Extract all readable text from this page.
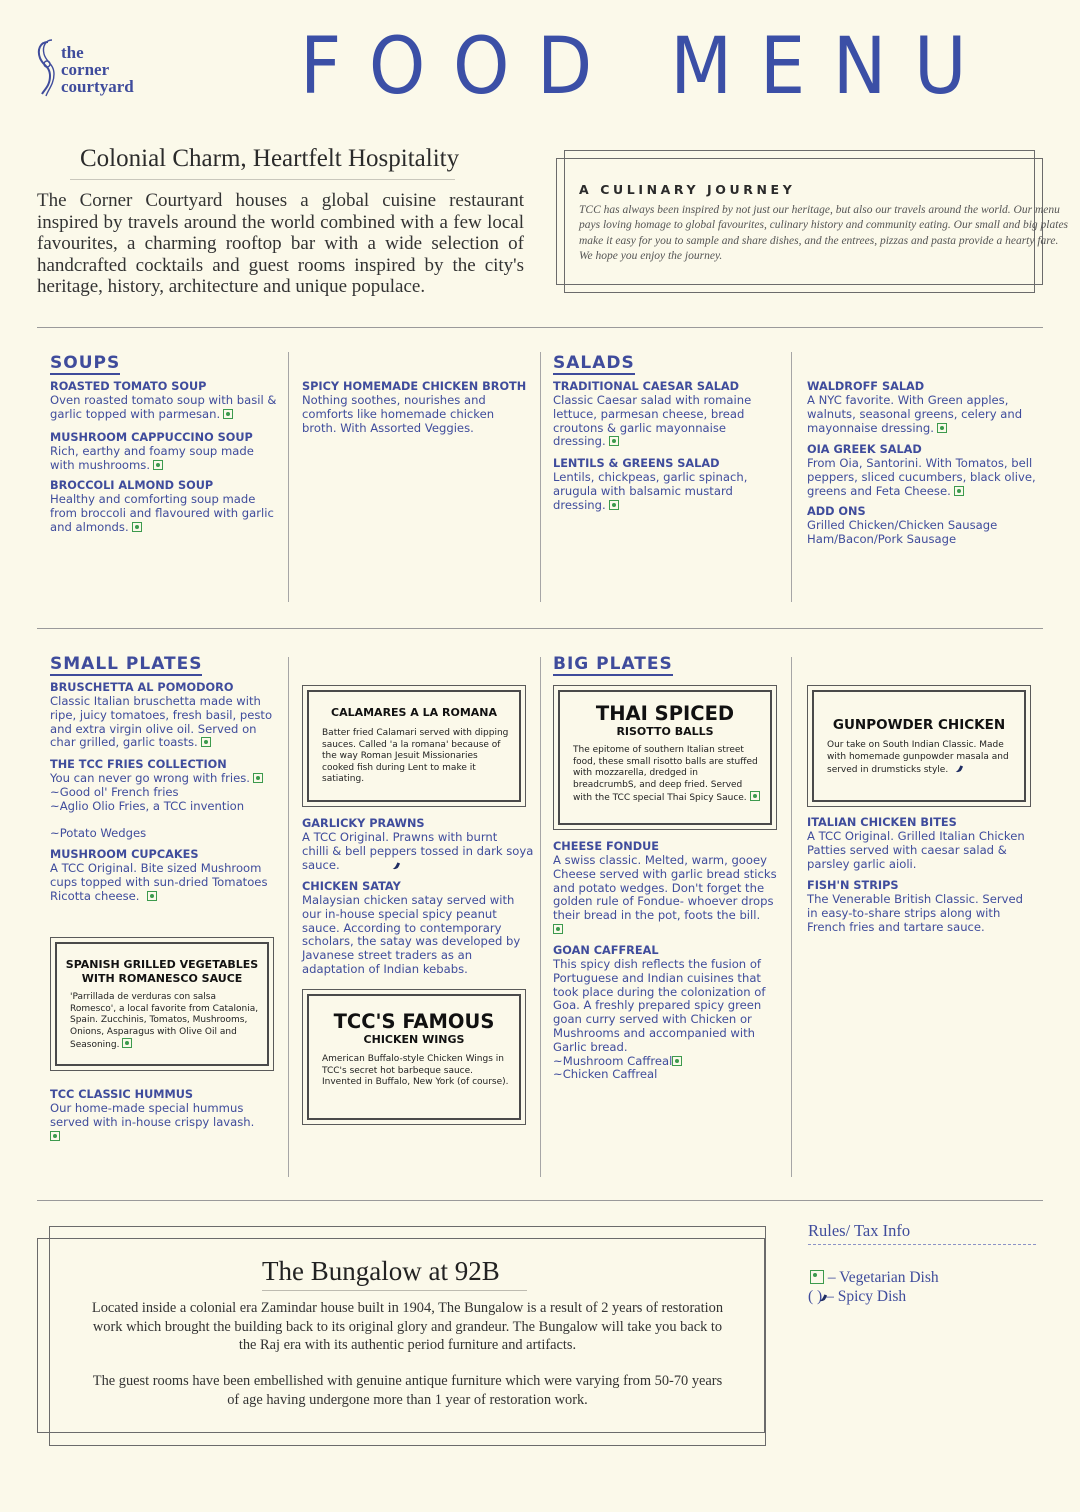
the
corner
courtyard FOOD MENU
Colonial Charm, Heartfelt Hospitality
The Corner Courtyard houses a global cuisine restaurant inspired by travels around the world combined with a few local favourites, a charming rooftop bar with a wide selection of handcrafted cocktails and guest rooms inspired by the city's heritage, history, architecture and unique populace.
A CULINARY JOURNEY
TCC has always been inspired by not just our heritage, but also our travels around the world. Our menu
pays loving homage to global favourites, culinary history and community eating. Our small and big plates
make it easy for you to sample and share dishes, and the entrees, pizzas and pasta provide a hearty fare.
We hope you enjoy the journey.
SOUPS
ROASTED TOMATO SOUP
Oven roasted tomato soup with basil &
garlic topped with parmesan.
MUSHROOM CAPPUCCINO SOUP
Rich, earthy and foamy soup made
with mushrooms.
BROCCOLI ALMOND SOUP
Healthy and comforting soup made
from broccoli and flavoured with garlic
and almonds.
SPICY HOMEMADE CHICKEN BROTH
Nothing soothes, nourishes and
comforts like homemade chicken
broth. With Assorted Veggies.
SALADS
TRADITIONAL CAESAR SALAD
Classic Caesar salad with romaine
lettuce, parmesan cheese, bread
croutons & garlic mayonnaise
dressing.
LENTILS & GREENS SALAD
Lentils, chickpeas, garlic spinach,
arugula with balsamic mustard
dressing.
WALDROFF SALAD
A NYC favorite. With Green apples,
walnuts, seasonal greens, celery and
mayonnaise dressing.
OIA GREEK SALAD
From Oia, Santorini. With Tomatos, bell
peppers, sliced cucumbers, black olive,
greens and Feta Cheese.
ADD ONS
Grilled Chicken/Chicken Sausage
Ham/Bacon/Pork Sausage
SMALL PLATES
BRUSCHETTA AL POMODORO
Classic Italian bruschetta made with
ripe, juicy tomatoes, fresh basil, pesto
and extra virgin olive oil. Served on
char grilled, garlic toasts.
THE TCC FRIES COLLECTION
You can never go wrong with fries.
~Good ol' French fries
~Aglio Olio Fries, a TCC invention
~Potato Wedges
MUSHROOM CUPCAKES
A TCC Original. Bite sized Mushroom
cups topped with sun-dried Tomatoes
Ricotta cheese.
SPANISH GRILLED VEGETABLES
WITH ROMANESCO SAUCE
'Parrillada de verduras con salsa
Romesco', a local favorite from Catalonia,
Spain. Zucchinis, Tomatos, Mushrooms,
Onions, Asparagus with Olive Oil and
Seasoning.
TCC CLASSIC HUMMUS
Our home-made special hummus
served with in-house crispy lavash.
CALAMARES A LA ROMANA
Batter fried Calamari served with dipping
sauces. Called 'a la romana' because of
the way Roman Jesuit Missionaries
cooked fish during Lent to make it
satiating.
GARLICKY PRAWNS
A TCC Original. Prawns with burnt
chilli & bell peppers tossed in dark soya
sauce.
CHICKEN SATAY
Malaysian chicken satay served with
our in-house special spicy peanut
sauce. According to contemporary
scholars, the satay was developed by
Javanese street traders as an
adaptation of Indian kebabs.
TCC'S FAMOUS
CHICKEN WINGS
American Buffalo-style Chicken Wings in
TCC's secret hot barbeque sauce.
Invented in Buffalo, New York (of course).
BIG PLATES
THAI SPICED
RISOTTO BALLS
The epitome of southern Italian street
food, these small risotto balls are stuffed
with mozzarella, dredged in
breadcrumbS, and deep fried. Served
with the TCC special Thai Spicy Sauce.
CHEESE FONDUE
A swiss classic. Melted, warm, gooey
Cheese served with garlic bread sticks
and potato wedges. Don't forget the
golden rule of Fondue- whoever drops
their bread in the pot, foots the bill.
GOAN CAFFREAL
This spicy dish reflects the fusion of
Portuguese and Indian cuisines that
took place during the colonization of
Goa. A freshly prepared spicy green
goan curry served with Chicken or
Mushrooms and accompanied with
Garlic bread.
~Mushroom Caffreal
~Chicken Caffreal
GUNPOWDER CHICKEN
Our take on South Indian Classic. Made
with homemade gunpowder masala and
served in drumsticks style.
ITALIAN CHICKEN BITES
A TCC Original. Grilled Italian Chicken
Patties served with caesar salad &
parsley garlic aioli.
FISH'N STRIPS
The Venerable British Classic. Served
in easy-to-share strips along with
French fries and tartare sauce.
The Bungalow at 92B
Located inside a colonial era Zamindar house built in 1904, The Bungalow is a result of 2 years of restoration
work which brought the building back to its original glory and grandeur. The Bungalow will take you back to
the Raj era with its authentic period furniture and artifacts.
The guest rooms have been embellished with genuine antique furniture which were varying from 50-70 years
of age having undergone more than 1 year of restoration work.
Rules/ Tax Info
– Vegetarian Dish
( ) – Spicy Dish
